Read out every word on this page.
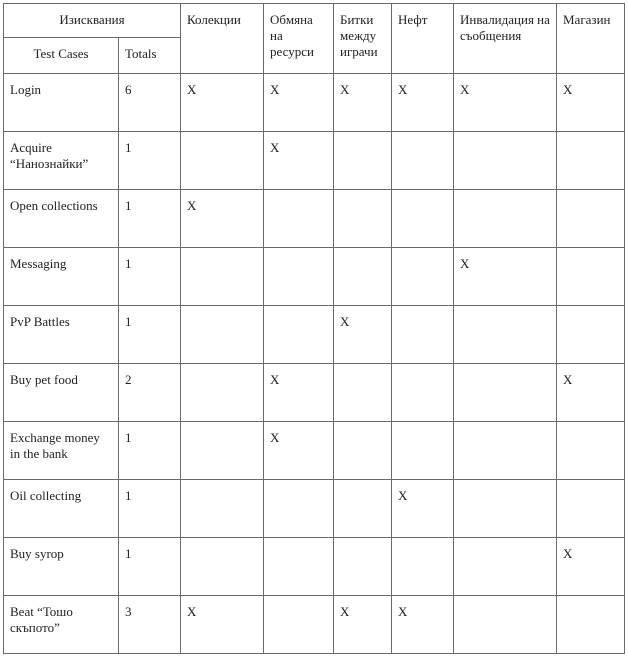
Изисквания		Колекции	Обмяна на ресурси	Битки между играчи	Нефт	Инвалидация на съобщения	Магазин
Test Cases	Totals						
Login	6	X	X	X	X	X	X
Acquire “Нанознайки”	1		X				
Open collections	1	X					
Messaging	1					X	
PvP Battles	1			X			
Buy pet food	2		X				X
Exchange money in the bank	1		X				
Oil collecting	1				X		
Buy syrop	1						X
Beat “Тошо скъпото”	3	X		X	X		
